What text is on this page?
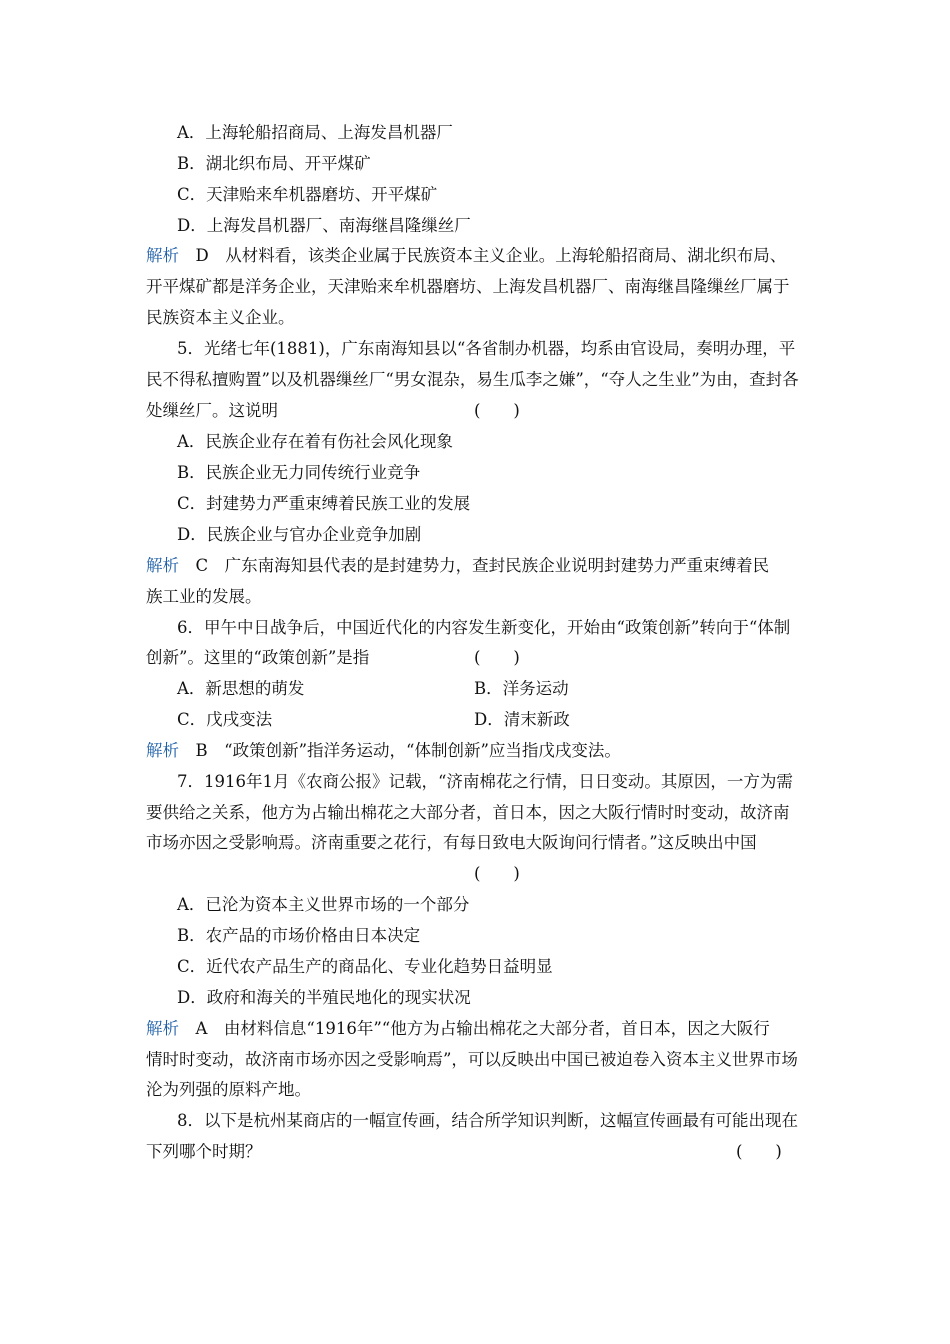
A．上海轮船招商局、上海发昌机器厂
B．湖北织布局、开平煤矿
C．天津贻来牟机器磨坊、开平煤矿
D．上海发昌机器厂、南海继昌隆缫丝厂
解析　 D　 从材料看，该类企业属于民族资本主义企业。上海轮船招商局、湖北织布局、
开平煤矿都是洋务企业，天津贻来牟机器磨坊、上海发昌机器厂、南海继昌隆缫丝厂属于
民族资本主义企业。
5．光绪七年(1881)，广东南海知县以“各省制办机器，均系由官设局，奏明办理，平
民不得私擅购置”以及机器缫丝厂“男女混杂，易生瓜李之嫌”，“夺人之生业”为由，查封各
处缫丝厂。这说明	(　　)
A．民族企业存在着有伤社会风化现象
B．民族企业无力同传统行业竞争
C．封建势力严重束缚着民族工业的发展
D．民族企业与官办企业竞争加剧
解析　 C　 广东南海知县代表的是封建势力，查封民族企业说明封建势力严重束缚着民
族工业的发展。
6．甲午中日战争后，中国近代化的内容发生新变化，开始由“政策创新”转向于“体制
创新”。这里的“政策创新”是指	(　　)
A．新思想的萌发	B．洋务运动
C．戊戌变法	D．清末新政
解析　 B　 “政策创新”指洋务运动，“体制创新”应当指戊戌变法。
7．1916年1月《农商公报》记载，“济南棉花之行情，日日变动。其原因，一方为需
要供给之关系，他方为占输出棉花之大部分者，首日本，因之大阪行情时时变动，故济南
市场亦因之受影响焉。济南重要之花行，有每日致电大阪询问行情者。”这反映出中国
(　　)
A．已沦为资本主义世界市场的一个部分
B．农产品的市场价格由日本决定
C．近代农产品生产的商品化、专业化趋势日益明显
D．政府和海关的半殖民地化的现实状况
解析　 A　 由材料信息“1916年”“他方为占输出棉花之大部分者，首日本，因之大阪行
情时时变动，故济南市场亦因之受影响焉”，可以反映出中国已被迫卷入资本主义世界市场
沦为列强的原料产地。
8．以下是杭州某商店的一幅宣传画，结合所学知识判断，这幅宣传画最有可能出现在
下列哪个时期？	(　　)
